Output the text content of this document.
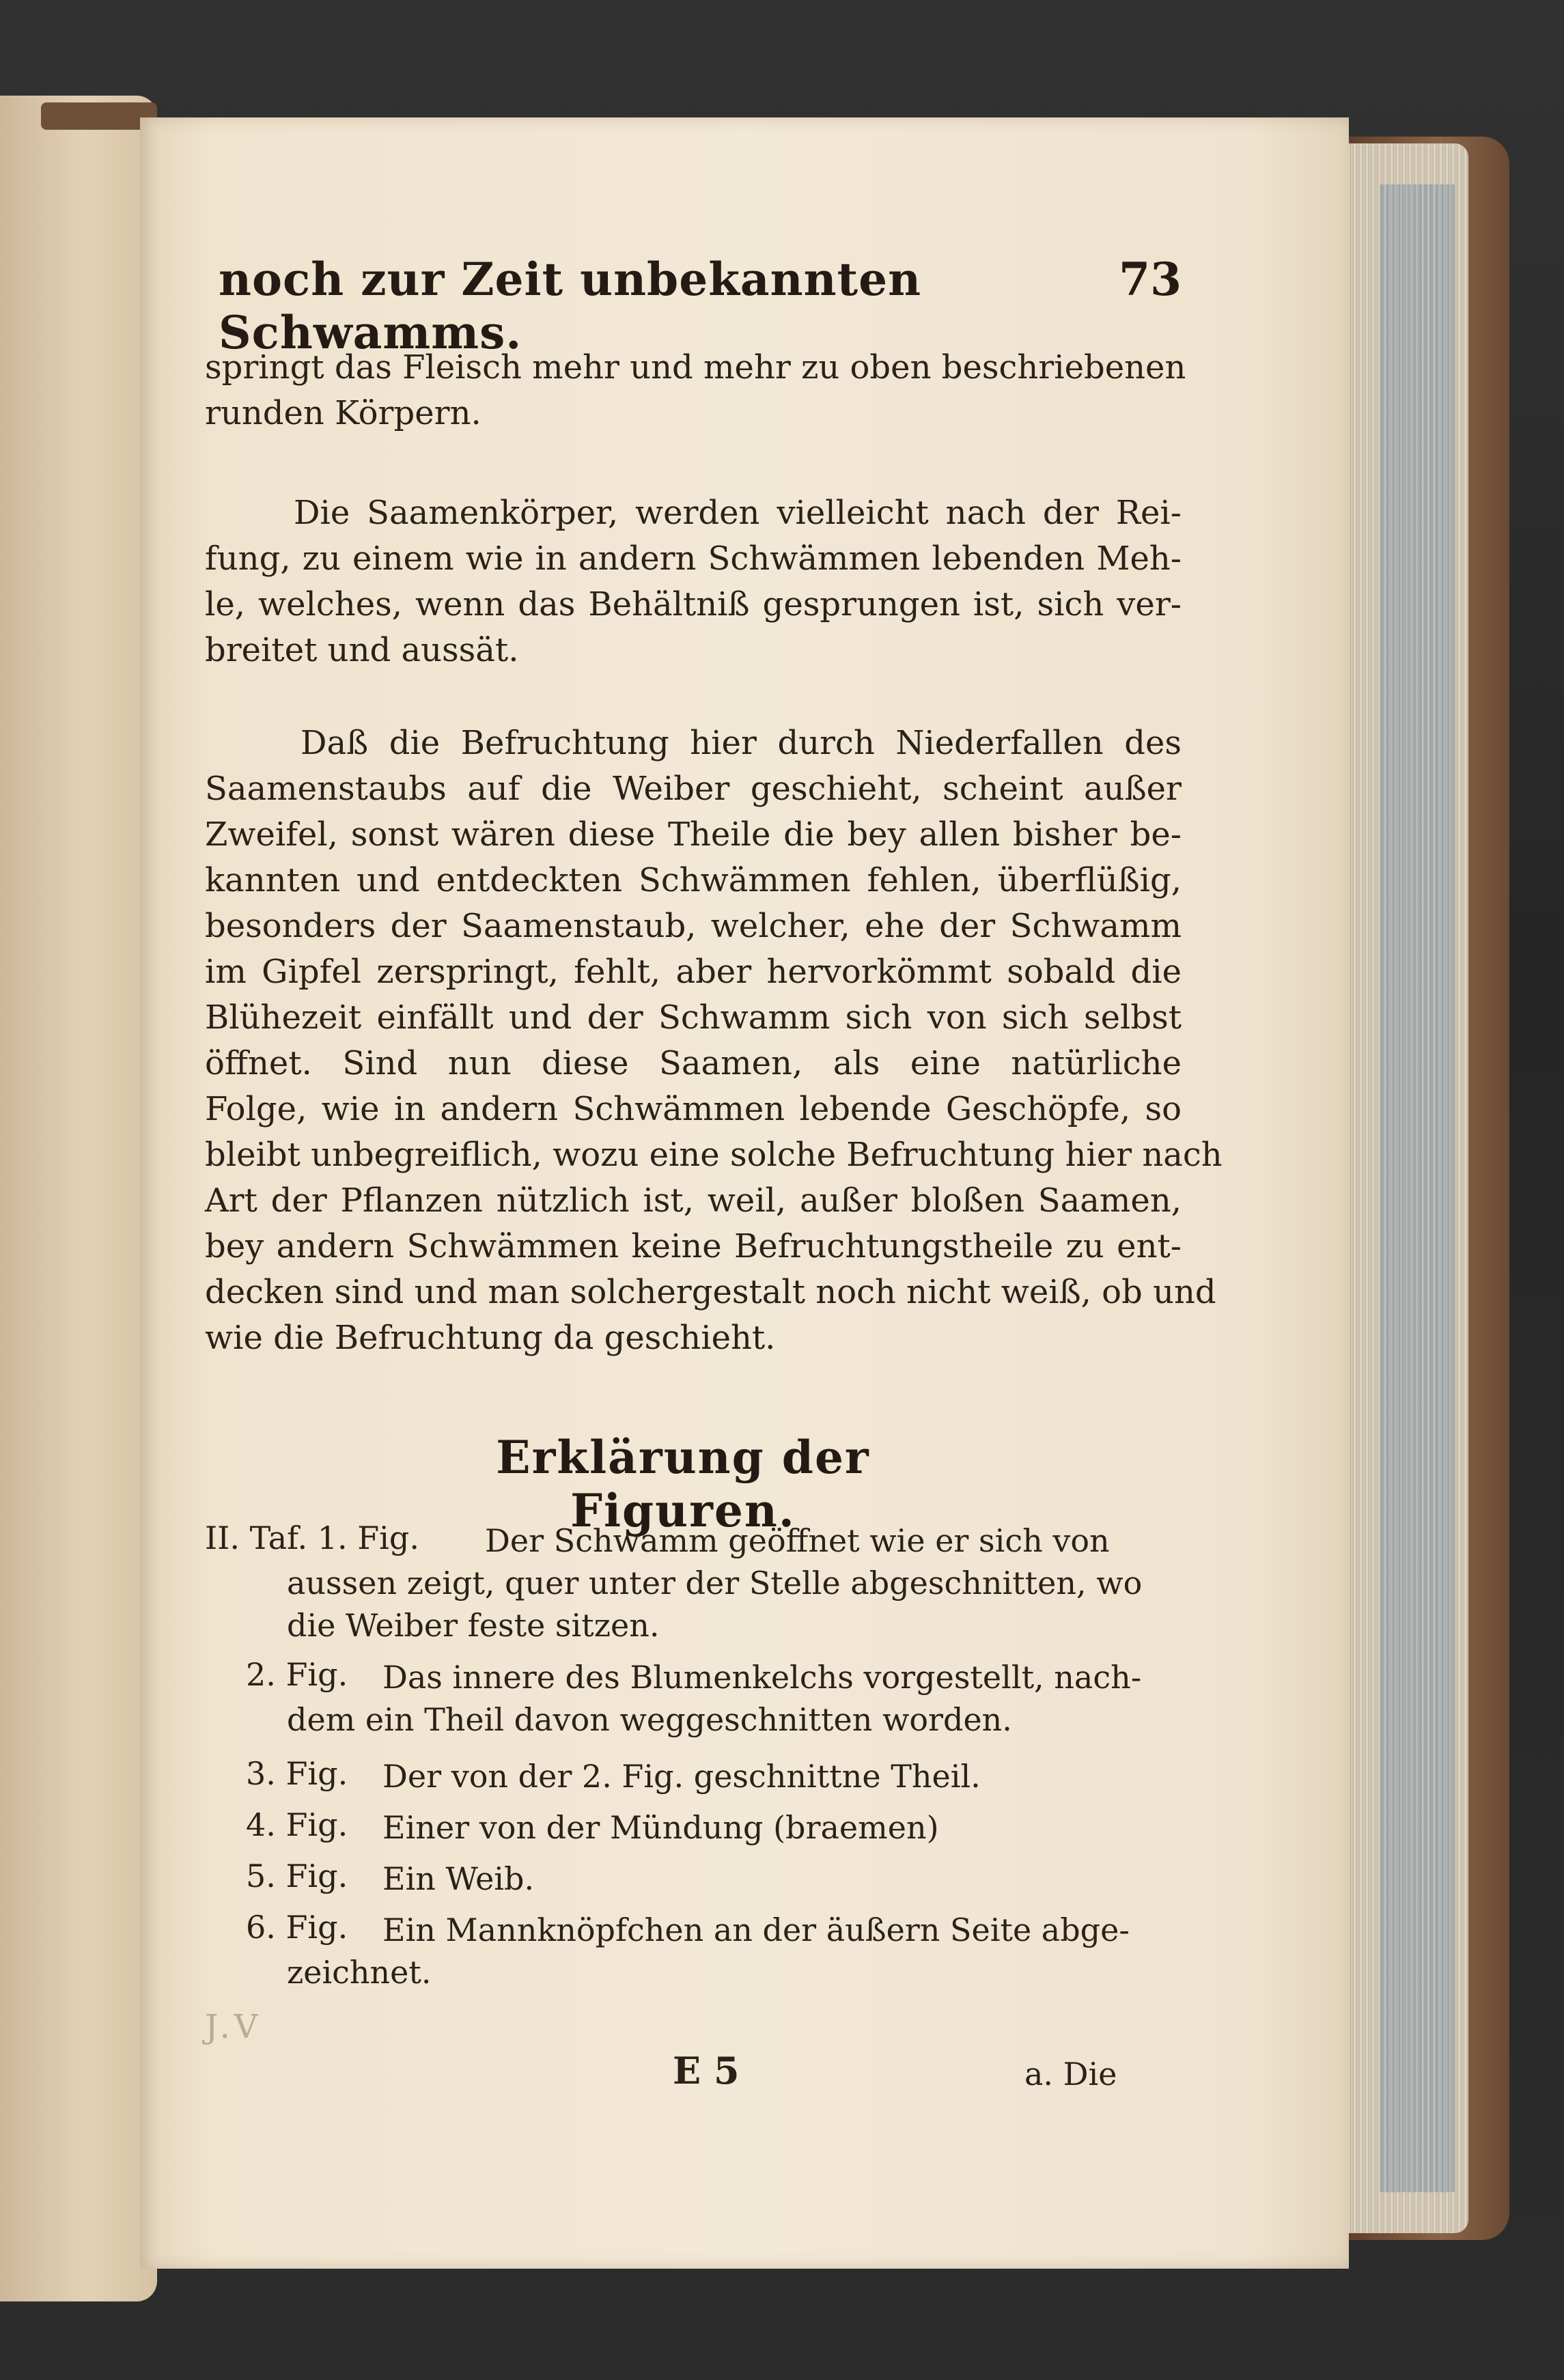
noch zur Zeit unbekannten Schwamms.
73
springt das Fleisch mehr und mehr zu oben beschriebenen
runden Körpern.
Die Saamenkörper, werden vielleicht nach der Rei-
fung, zu einem wie in andern Schwämmen lebenden Meh-
le, welches, wenn das Behältniß gesprungen ist, sich ver-
breitet und aussät.
Daß die Befruchtung hier durch Niederfallen des
Saamenstaubs auf die Weiber geschieht, scheint außer
Zweifel, sonst wären diese Theile die bey allen bisher be-
kannten und entdeckten Schwämmen fehlen, überflüßig,
besonders der Saamenstaub, welcher, ehe der Schwamm
im Gipfel zerspringt, fehlt, aber hervorkömmt sobald die
Blühezeit einfällt und der Schwamm sich von sich selbst
öffnet. Sind nun diese Saamen, als eine natürliche
Folge, wie in andern Schwämmen lebende Geschöpfe, so
bleibt unbegreiflich, wozu eine solche Befruchtung hier nach
Art der Pflanzen nützlich ist, weil, außer bloßen Saamen,
bey andern Schwämmen keine Befruchtungstheile zu ent-
decken sind und man solchergestalt noch nicht weiß, ob und
wie die Befruchtung da geschieht.
Erklärung der Figuren.
II. Taf. 1. Fig. Der Schwamm geöffnet wie er sich von
aussen zeigt, quer unter der Stelle abgeschnitten, wo
die Weiber feste sitzen.
2. Fig. Das innere des Blumenkelchs vorgestellt, nach-
dem ein Theil davon weggeschnitten worden.
3. Fig. Der von der 2. Fig. geschnittne Theil.
4. Fig. Einer von der Mündung (braemen)
5. Fig. Ein Weib.
6. Fig. Ein Mannknöpfchen an der äußern Seite abge-
zeichnet.
J.V
E 5	a. Die
